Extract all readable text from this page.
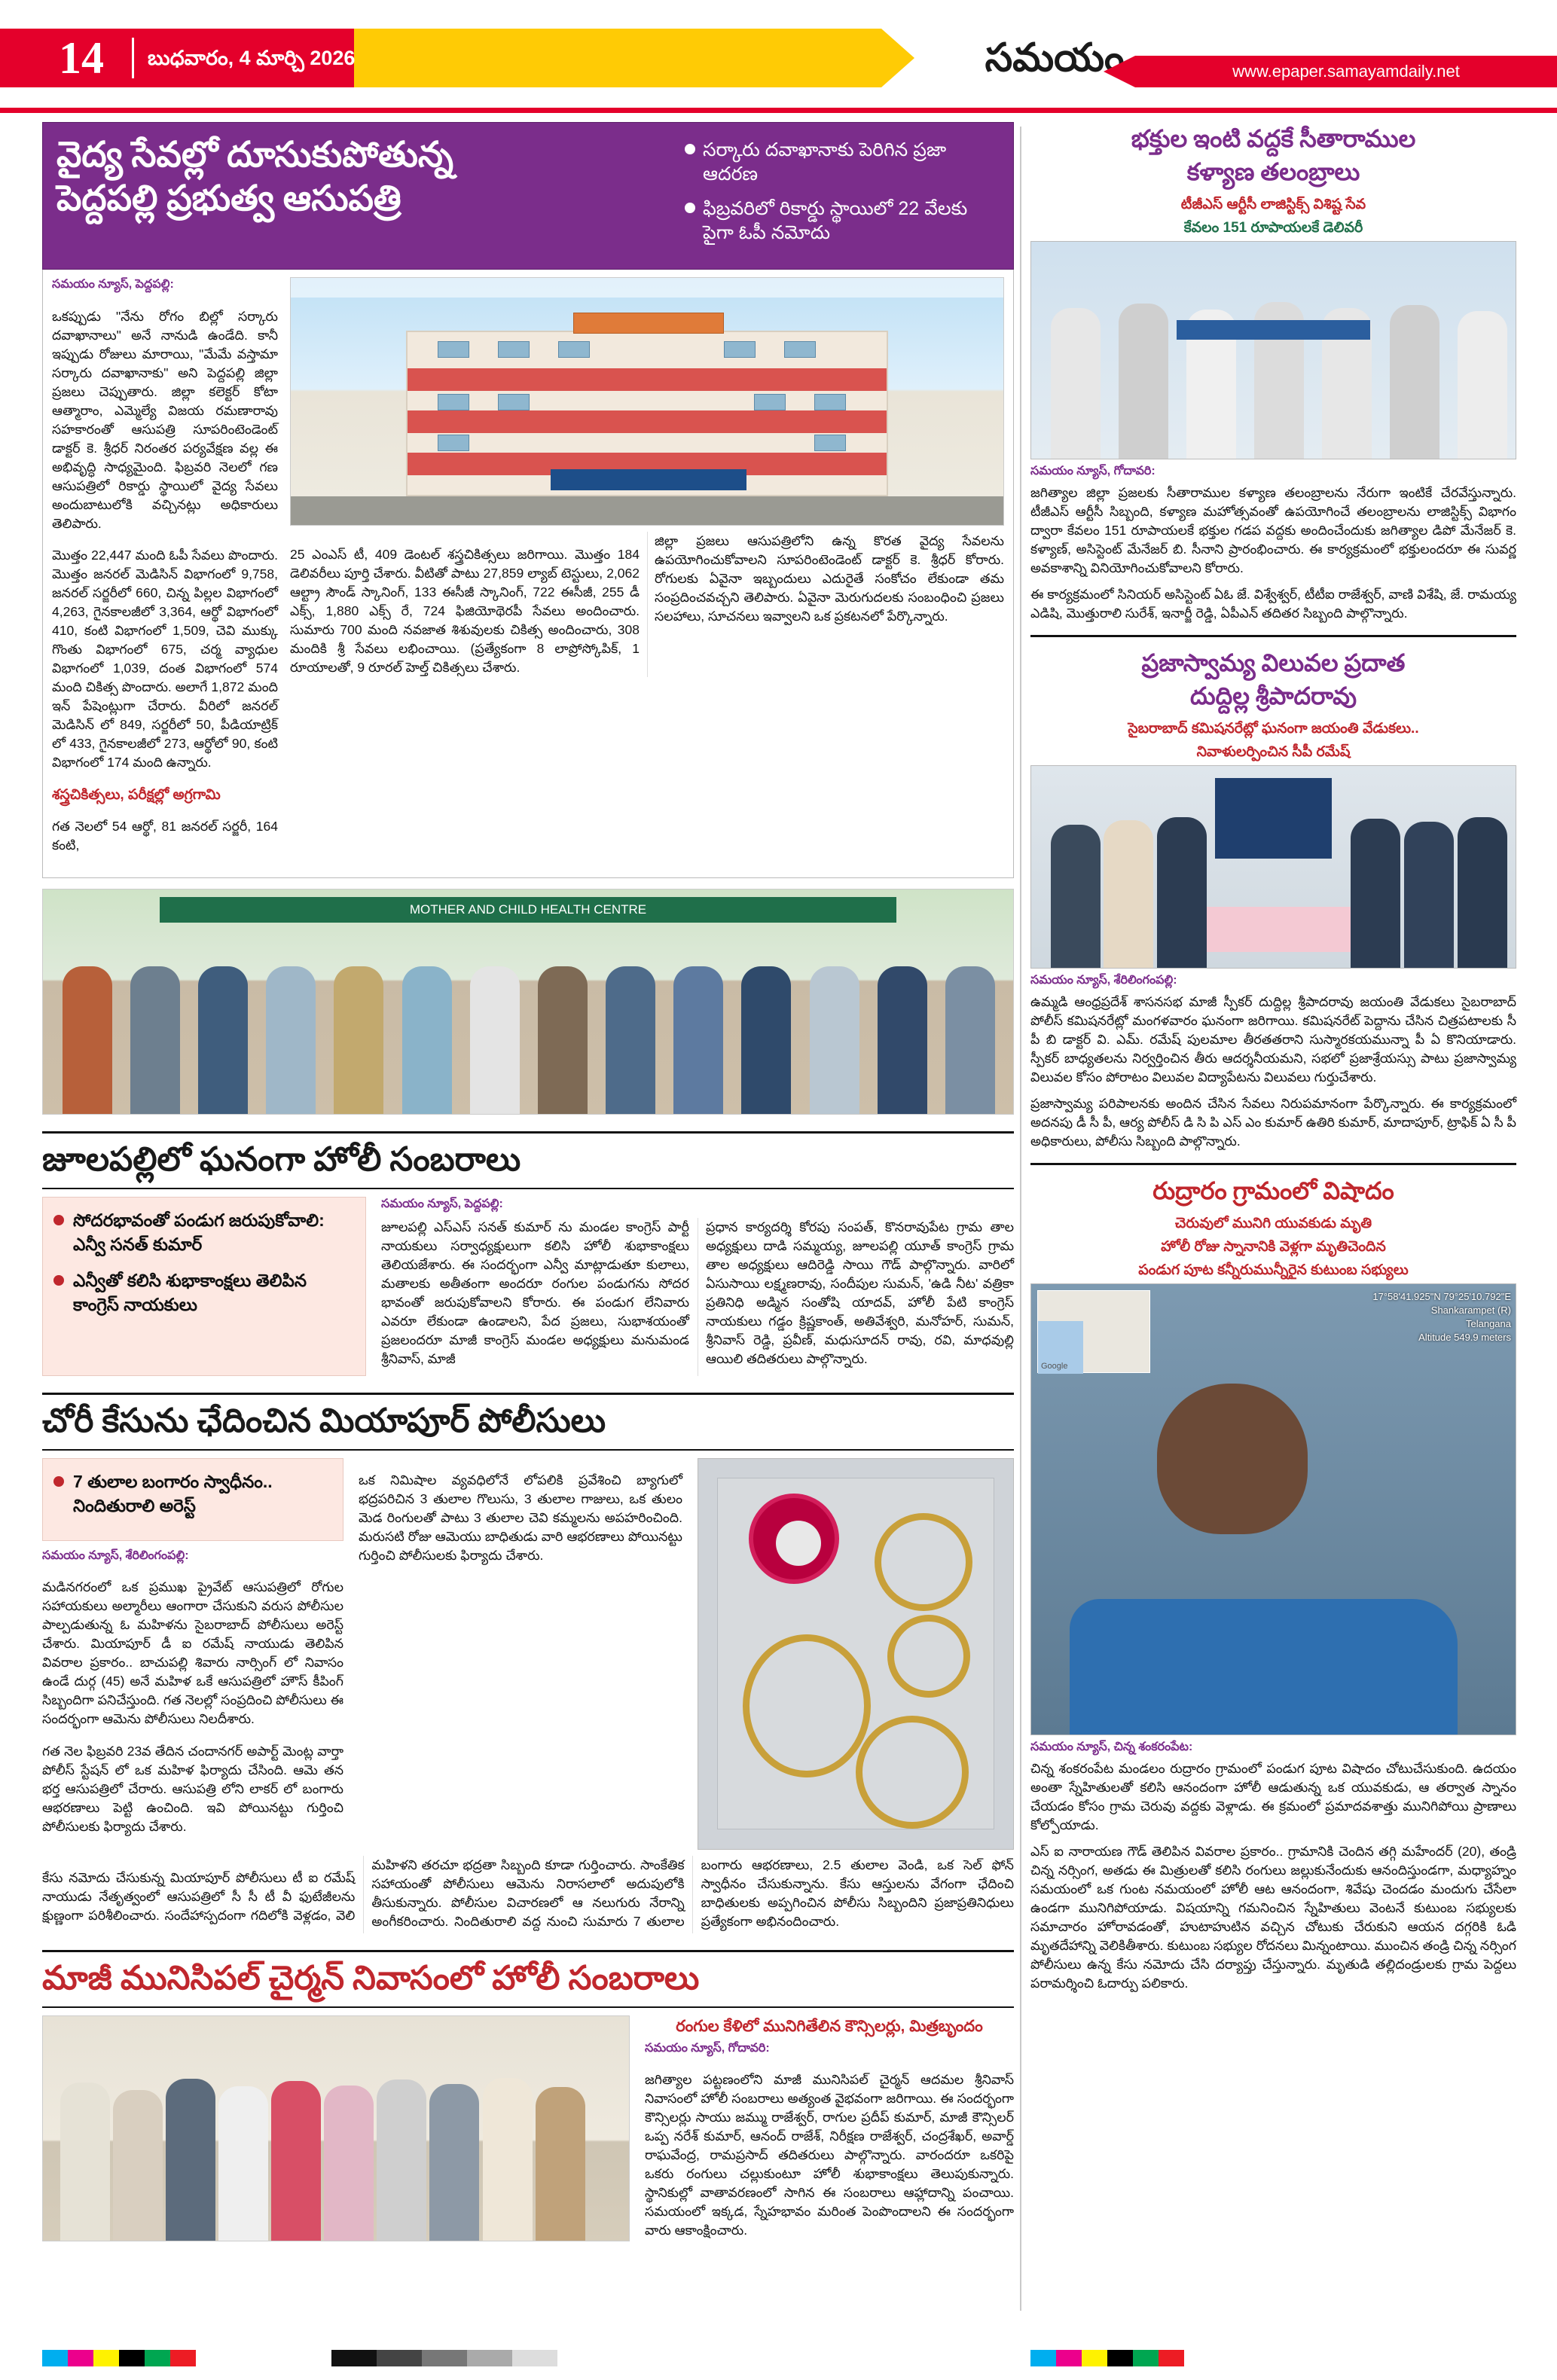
14 బుధవారం, 4 మార్చి 2026	సమయం	www.epaper.samayamdaily.net
వైద్య సేవల్లో దూసుకుపోతున్న
పెద్దపల్లి ప్రభుత్వ ఆసుపత్రి
సర్కారు దవాఖానాకు పెరిగిన ప్రజా ఆదరణ
ఫిబ్రవరిలో రికార్డు స్థాయిలో 22 వేలకు పైగా ఓపీ నమోదు
సమయం న్యూస్, పెద్దపల్లి:

ఒకప్పుడు "నేను రోగం బిల్లో సర్కారు దవాఖానాలు" అనే నానుడి ఉండేది. కానీ ఇప్పుడు రోజులు మారాయి, "మేమే వస్తామా సర్కారు దవాఖానాకు" అని పెద్దపల్లి జిల్లా ప్రజలు చెప్పుతారు. జిల్లా కలెక్టర్ కోటా ఆత్మారాం, ఎమ్మెల్యే విజయ రమణారావు సహకారంతో ఆసుపత్రి సూపరింటెండెంట్ డాక్టర్ కె. శ్రీధర్ నిరంతర పర్యవేక్షణ వల్ల ఈ అభివృద్ధి సాధ్యమైంది. ఫిబ్రవరి నెలలో గణ ఆసుపత్రిలో రికార్డు స్థాయిలో వైద్య సేవలు అందుబాటులోకి వచ్చినట్లు అధికారులు తెలిపారు.

మొత్తం 22,447 మంది ఓపీ సేవలు పొందారు. మొత్తం జనరల్ మెడిసిన్ విభాగంలో 9,758, జనరల్ సర్జరీలో 660, చిన్న పిల్లల విభాగంలో 4,263, గైనకాలజీలో 3,364, ఆర్థో విభాగంలో 410, కంటి విభాగంలో 1,509, చెవి ముక్కు గొంతు విభాగంలో 675, చర్మ వ్యాధుల విభాగంలో 1,039, దంత విభాగంలో 574 మంది చికిత్స పొందారు. అలాగే 1,872 మంది ఇన్ పేషెంట్లుగా చేరారు. వీరిలో జనరల్ మెడిసిన్ లో 849, సర్జరీలో 50, పీడియాట్రిక్ లో 433, గైనకాలజీలో 273, ఆర్థోలో 90, కంటి విభాగంలో 174 మంది ఉన్నారు.

శస్త్రచికిత్సలు, పరీక్షల్లో అగ్రగామి

గత నెలలో 54 ఆర్థో, 81 జనరల్ సర్జరీ, 164 కంటి,

25 ఎంఎస్ టీ, 409 డెంటల్ శస్త్రచికిత్సలు జరిగాయి. మొత్తం 184 డెలివరీలు పూర్తి చేశారు. వీటితో పాటు 27,859 ల్యాబ్ టెస్టులు, 2,062 ఆల్ట్రా సౌండ్ స్కానింగ్, 133 ఈసీజీ స్కానింగ్, 722 ఈసీజీ, 255 డీ ఎక్స్, 1,880 ఎక్స్ రే, 724 ఫిజియోథెరపీ సేవలు అందించారు. సుమారు 700 మంది నవజాత శిశువులకు చికిత్స అందించారు, 308 మందికి శ్రీ సేవలు లభించాయి. (ప్రత్యేకంగా 8 లాప్రోస్కోపిక్, 1 రూయాలతో, 9 రూరల్ హెల్త్ చికిత్సలు చేశారు.

జిల్లా ప్రజలు ఆసుపత్రిలోని ఉన్న కొరత వైద్య సేవలను ఉపయోగించుకోవాలని సూపరింటెండెంట్ డాక్టర్ కె. శ్రీధర్ కోరారు. రోగులకు ఏవైనా ఇబ్బందులు ఎదురైతే సంకోచం లేకుండా తమ సంప్రదించవచ్చని తెలిపారు. ఏవైనా మెరుగుదలకు సంబంధించి ప్రజలు సలహాలు, సూచనలు ఇవ్వాలని ఒక ప్రకటనలో పేర్కొన్నారు.

MOTHER AND CHILD HEALTH CENTRE
జూలపల్లిలో ఘనంగా హోలీ సంబరాలు
సోదరభావంతో పండుగ జరుపుకోవాలి: ఎన్వీ సనత్ కుమార్
ఎన్వీతో కలిసి శుభాకాంక్షలు తెలిపిన కాంగ్రెస్ నాయకులు
సమయం న్యూస్, పెద్దపల్లి:

జూలపల్లి ఎస్ఎస్ సనత్ కుమార్ ను మండల కాంగ్రెస్ పార్టీ నాయకులు సర్వాధ్యక్షులుగా కలిసి హోలీ శుభాకాంక్షలు తెలియజేశారు. ఈ సందర్భంగా ఎన్వీ మాట్లాడుతూ కులాలు, మతాలకు అతీతంగా అందరూ రంగుల పండుగను సోదర భావంతో జరుపుకోవాలని కోరారు. ఈ పండుగ లేనివారు ఎవరూ లేకుండా ఉండాలని, పేద ప్రజలు, సుభాశయంతో ప్రజలందరూ మాజీ కాంగ్రెస్ మండల అధ్యక్షులు మనుమండ శ్రీనివాస్, మాజీ

ప్రధాన కార్యదర్శి కోరపు సంపత్, కొనరావుపేట గ్రామ తాల అధ్యక్షులు దాడి సమ్మయ్య, జూలపల్లి యూత్ కాంగ్రెస్ గ్రామ తాల అధ్యక్షులు ఆదిరెడ్డి సాయి గౌడ్ పాల్గొన్నారు. వారిలో ఏసుసాయి లక్ష్మణరావు, సందీపుల సుమన్, 'ఉడి నీట' వత్రికా ప్రతినిధి అడ్మిన సంతోషి యాదవ్, హోలీ పేటి కాంగ్రెస్ నాయకులు గడ్డం క్రిష్ణకాంత్, అతివేశ్వరి, మనోహర్, సుమన్, శ్రీనివాస్ రెడ్డి, ప్రవీణ్, మధుసూదన్ రావు, రవి, మాధవుల్లి ఆయిలి తదితరులు పాల్గొన్నారు.

చోరీ కేసును ఛేదించిన మియాపూర్ పోలీసులు
7 తులాల బంగారం స్వాధీనం.. నిందితురాలి అరెస్ట్
సమయం న్యూస్, శేరిలింగంపల్లి:

మడినగరంలో ఒక ప్రముఖ ప్రైవేట్ ఆసుపత్రిలో రోగుల సహాయకులు అల్మారీలు ఆంగారా చేసుకుని వరుస పోలీసుల పాల్పడుతున్న ఓ మహిళను సైబరాబాద్ పోలీసులు అరెస్ట్ చేశారు. మియాపూర్ డీ ఐ రమేష్ నాయుడు తెలిపిన వివరాల ప్రకారం.. బాచుపల్లి శివారు నార్సింగ్ లో నివాసం ఉండే దుర్గ (45) అనే మహిళ ఒకే ఆసుపత్రిలో హౌస్ కీపింగ్ సిబ్బందిగా పనిచేస్తుంది. గత నెలల్లో సంప్రదించి పోలీసులు ఈ సందర్భంగా ఆమెను పోలీసులు నిలదీశారు.

గత నెల ఫిబ్రవరి 23వ తేదిన చందానగర్ అపార్ట్ మెంట్ల వార్తా పోలీస్ స్టేషన్ లో ఒక మహిళ ఫిర్యాదు చేసింది. ఆమె తన భర్త ఆసుపత్రిలో చేరారు. ఆసుపత్రి లోని లాకర్ లో బంగారు ఆభరణాలు పెట్టి ఉంచింది. ఇవి పోయినట్టు గుర్తించి పోలీసులకు ఫిర్యాదు చేశారు.

ఒక నిమిషాల వ్యవధిలోనే లోపలికి ప్రవేశించి బ్యాగులో భద్రపరిచిన 3 తులాల గొలుసు, 3 తులాల గాజులు, ఒక తులం మెడ రింగులతో పాటు 3 తులాల చెవి కమ్మలను అపహరించింది. మరుసటి రోజు ఆమెయు బాధితుడు వారి ఆభరణాలు పోయినట్టు గుర్తించి పోలీసులకు ఫిర్యాదు చేశారు.

కేసు నమోదు చేసుకున్న మియాపూర్ పోలీసులు టీ ఐ రమేష్ నాయుడు నేతృత్వంలో ఆసుపత్రిలో సీ సీ టీ వీ ఫుటేజీలను క్షుణ్ణంగా పరిశీలించారు. సందేహాస్పదంగా గదిలోకి వెళ్లడం, వెలి మహిళని తరచూ భద్రతా సిబ్బంది కూడా గుర్తించారు. సాంకేతిక సహాయంతో పోలీసులు ఆమెను నిరాసలాలో అదుపులోకి తీసుకున్నారు. పోలీసుల విచారణలో ఆ నలుగురు నేరాన్ని అంగీకరించారు. నిందితురాలి వద్ద నుంచి సుమారు 7 తులాల బంగారు ఆభరణాలు, 2.5 తులాల వెండి, ఒక సెల్ ఫోన్ స్వాధీనం చేసుకున్నాను. కేసు ఆస్తులను వేగంగా ఛేదించి బాధితులకు అప్పగించిన పోలీసు సిబ్బందిని ప్రజాప్రతినిధులు ప్రత్యేకంగా అభినందించారు.

మాజీ మునిసిపల్ చైర్మన్ నివాసంలో హోలీ సంబరాలు
రంగుల కేళిలో మునిగితేలిన కౌన్సిలర్లు, మిత్రబృందం
సమయం న్యూస్, గోదావరి:

జగిత్యాల పట్టణంలోని మాజీ మునిసిపల్ చైర్మన్ ఆదమల శ్రీనివాస్ నివాసంలో హోలీ సంబరాలు అత్యంత వైభవంగా జరిగాయి. ఈ సందర్భంగా కౌన్సిలర్లు సాయు జమ్ము రాజేశ్వర్, రాగుల ప్రదీప్ కుమార్, మాజీ కౌన్సిలర్ ఒప్ప నరేశ్ కుమార్, ఆనంద్ రాజేశ్, నిరీక్షణ రాజేశ్వర్, చంద్రశేఖర్, అవార్డ్ రాఘవేంద్ర, రామప్రసాద్ తదితరులు పాల్గొన్నారు. వారందరూ ఒకరిపై ఒకరు రంగులు చల్లుకుంటూ హోలీ శుభాకాంక్షలు తెలుపుకున్నారు. స్థానికుల్లో వాతావరణంలో సాగిన ఈ సంబరాలు ఆహ్లాదాన్ని పంచాయి. సమయంలో ఇక్కడ, స్నేహభావం మరింత పెంపొందాలని ఈ సందర్భంగా వారు ఆకాంక్షించారు.

భక్తుల ఇంటి వద్దకే సీతారాముల
కళ్యాణ తలంబ్రాలు
టీజీఎస్ ఆర్టీసీ లాజిస్టిక్స్ విశిష్ట సేవ
కేవలం 151 రూపాయలకే డెలివరీ
సమయం న్యూస్, గోదావరి:

జగిత్యాల జిల్లా ప్రజలకు సీతారాముల కళ్యాణ తలంబ్రాలను నేరుగా ఇంటికే చేరవేస్తున్నారు. టీజీఎస్ ఆర్టీసీ సిబ్బంది, కళ్యాణ మహోత్సవంతో ఉపయోగించే తలంబ్రాలను లాజిస్టిక్స్ విభాగం ద్వారా కేవలం 151 రూపాయలకే భక్తుల గడప వద్దకు అందించేందుకు జగిత్యాల డిపో మేనేజర్ కె. కళ్యాణ్, అసిస్టెంట్ మేనేజర్ బి. సీనాని ప్రారంభించారు. ఈ కార్యక్రమంలో భక్తులందరూ ఈ సువర్ణ అవకాశాన్ని వినియోగించుకోవాలని కోరారు.

ఈ కార్యక్రమంలో సినియర్ అసిస్టెంట్ ఏఓ జే. విశ్వేశ్వర్, టీటీఐ రాజేశ్వర్, వాణి విశేషి, జే. రామయ్య ఎడిషి, మొత్తురాలి సురేశ్, ఇనార్జీ రెడ్డి, ఏపీఎన్ తదితర సిబ్బంది పాల్గొన్నారు.

ప్రజాస్వామ్య విలువల ప్రదాత
దుద్దిల్ల శ్రీపాదరావు
సైబరాబాద్ కమిషనరేట్లో ఘనంగా జయంతి వేడుకలు..
నివాళులర్పించిన సీపీ రమేష్
సమయం న్యూస్, శేరిలింగంపల్లి:

ఉమ్మడి ఆంధ్రప్రదేశ్ శాసనసభ మాజీ స్పీకర్ దుద్దిల్ల శ్రీపాదరావు జయంతి వేడుకలు సైబరాబాద్ పోలీస్ కమిషనరేట్లో మంగళవారం ఘనంగా జరిగాయి. కమిషనరేట్ పెద్దాను చేసిన చిత్రపటాలకు సీ పీ బి డాక్టర్ వి. ఎమ్. రమేష్ పులమాల తీరతతరాని సుస్మారకయమున్నా పీ ఏ కొనియాడారు. స్పీకర్ బాధ్యతలను నిర్వర్తించిన తీరు ఆదర్శనీయమని, సభలో ప్రజాశ్రేయస్సు పాటు ప్రజాస్వామ్య విలువల కోసం పోరాటం విలువల విద్యాపేటను విలువలు గుర్తుచేశారు.

ప్రజాస్వామ్య పరిపాలనకు అందిన చేసిన సేవలు నిరుపమానంగా పేర్కొన్నారు. ఈ కార్యక్రమంలో అదనపు డీ సీ పీ, ఆర్య పోలీస్ డి సి పి ఎస్ ఎం కుమార్ ఉతిరి కుమార్, మాదాపూర్, ట్రాఫిక్ ఏ సీ పీ అధికారులు, పోలీసు సిబ్బంది పాల్గొన్నారు.

రుద్రారం గ్రామంలో విషాదం
చెరువులో మునిగి యువకుడు మృతి
హోలీ రోజు స్నానానికి వెళ్లగా మృతిచెందిన
పండుగ పూట కన్నీరుమున్నీరైన కుటుంబ సభ్యులు
Google
17°58'41.925"N 79°25'10.792"E
Shankarampet (R)
Telangana
Altitude 549.9 meters
సమయం న్యూస్, చిన్న శంకరంపేట:

చిన్న శంకరంపేట మండలం రుద్రారం గ్రామంలో పండుగ పూట విషాదం చోటుచేసుకుంది. ఉదయం అంతా స్నేహితులతో కలిసి ఆనందంగా హోలీ ఆడుతున్న ఒక యువకుడు, ఆ తర్వాత స్నానం చేయడం కోసం గ్రామ చెరువు వద్దకు వెళ్లాడు. ఈ క్రమంలో ప్రమాదవశాత్తు మునిగిపోయి ప్రాణాలు కోల్పోయాడు.

ఎస్ ఐ నారాయణ గౌడ్ తెలిపిన వివరాల ప్రకారం.. గ్రామానికి చెందిన తగ్గి మహేందర్ (20), తండ్రి చిన్న నర్సింగ, అతడు ఈ మిత్రులతో కలిసి రంగులు జల్లుకునేందుకు ఆనందిస్తుండగా, మధ్యాహ్నం సమయంలో ఒక గుంట నమయంలో హోలీ ఆట ఆనందంగా, శివేషు చెందడం మందుగు చేసేలా ఉండగా మునిగిపోయాడు. విషయాన్ని గమనించిన స్నేహితులు వెంటనే కుటుంబ సభ్యులకు సమాచారం హోరావడంతో, హుటాహుటిన వచ్చిన చోటుకు చేరుకుని ఆయన దగ్గరికి ఓడి మృతదేహాన్ని వెలికితీశారు. కుటుంబ సభ్యుల రోదనలు మిన్నంటాయి. ముంచిన తండ్రి చిన్న నర్సింగ పోలీసులు ఉన్న కేసు నమోదు చేసి దర్యాప్తు చేస్తున్నారు. మృతుడి తల్లిదండ్రులకు గ్రామ పెద్దలు పరామర్శించి ఓదార్పు పలికారు.
